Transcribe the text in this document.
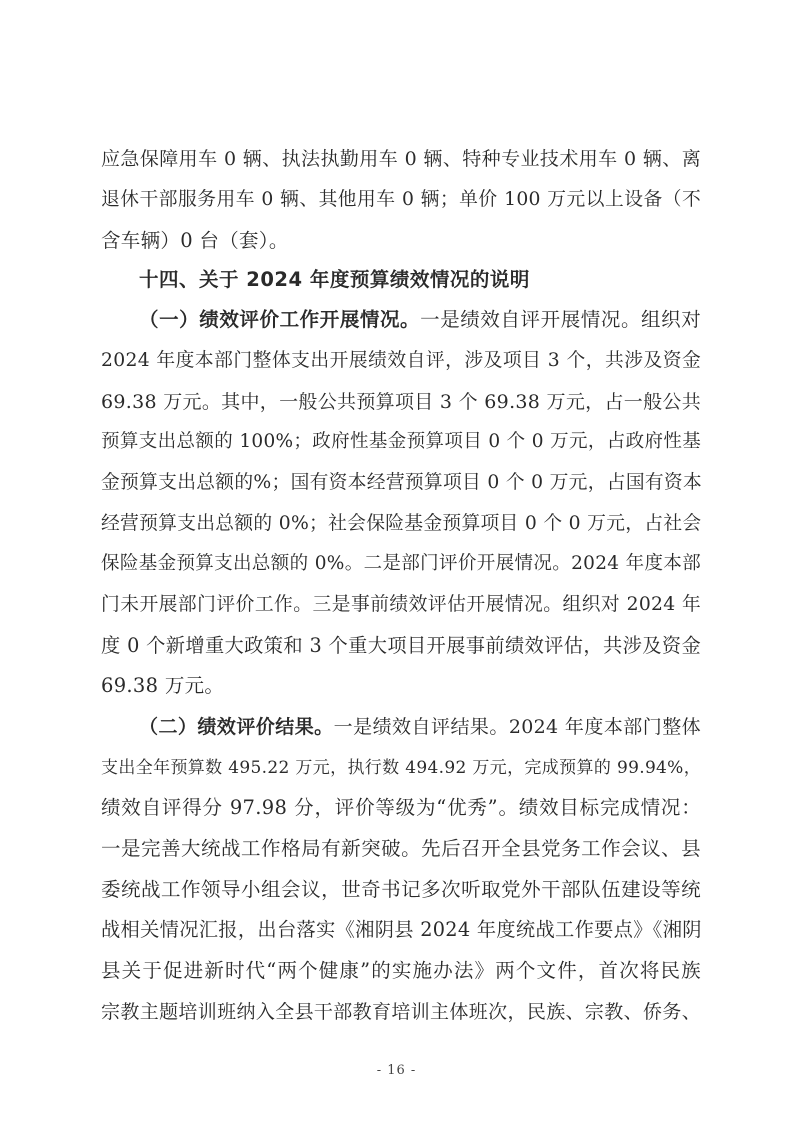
应急保障用车 0 辆、执法执勤用车 0 辆、特种专业技术用车 0 辆、离
退休干部服务用车 0 辆、其他用车 0 辆；单价 100 万元以上设备（不
含车辆）0 台（套）。
十四、关于 2024 年度预算绩效情况的说明
（一）绩效评价工作开展情况。一是绩效自评开展情况。组织对
2024 年度本部门整体支出开展绩效自评，涉及项目 3 个，共涉及资金
69.38 万元。其中，一般公共预算项目 3 个 69.38 万元，占一般公共
预算支出总额的 100%；政府性基金预算项目 0 个 0 万元，占政府性基
金预算支出总额的%；国有资本经营预算项目 0 个 0 万元，占国有资本
经营预算支出总额的 0%；社会保险基金预算项目 0 个 0 万元，占社会
保险基金预算支出总额的 0%。二是部门评价开展情况。2024 年度本部
门未开展部门评价工作。三是事前绩效评估开展情况。组织对 2024 年
度 0 个新增重大政策和 3 个重大项目开展事前绩效评估，共涉及资金
69.38 万元。
（二）绩效评价结果。一是绩效自评结果。2024 年度本部门整体
支出全年预算数 495.22 万元，执行数 494.92 万元，完成预算的 99.94%，
绩效自评得分 97.98 分，评价等级为“优秀”。绩效目标完成情况：
一是完善大统战工作格局有新突破。先后召开全县党务工作会议、县
委统战工作领导小组会议，世奇书记多次听取党外干部队伍建设等统
战相关情况汇报，出台落实《湘阴县 2024 年度统战工作要点》《湘阴
县关于促进新时代“两个健康”的实施办法》两个文件，首次将民族
宗教主题培训班纳入全县干部教育培训主体班次，民族、宗教、侨务、
- 16 -
